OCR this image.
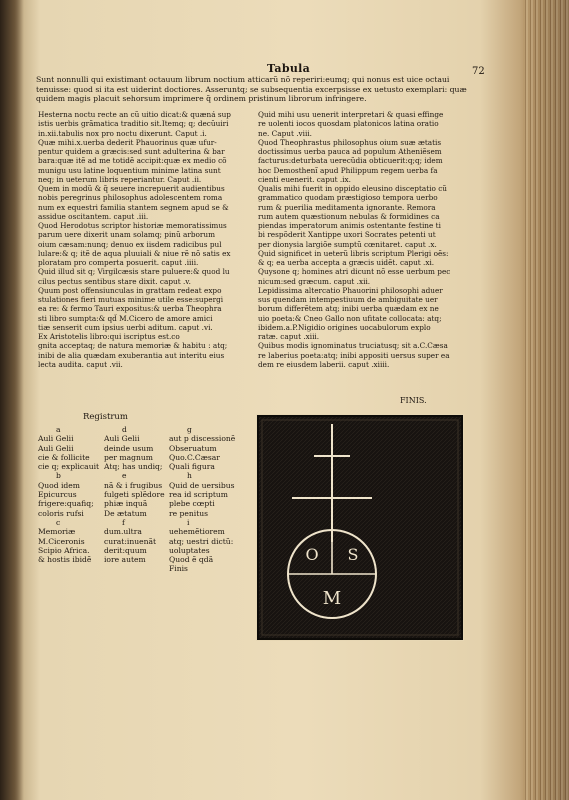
Tabula	72
Sunt nonnulli qui existimant octauum librum noctium atticarũ nõ reperiri:eumq; qui nonus est uice octaui tenuisse: quod si ita est uiderint doctiores. Asseruntq; se subsequentia excerpsisse ex uetusto exemplari: quæ quidem magis placuit sehorsum imprimere q̃ ordinem pristinum librorum infringere.
Hesterna noctu recte an cũ uitio dicat:& quæná sup
istis uerbis grãmatica traditio sit.Itemq; q; decŭuiri
in.xii.tabulis nox pro noctu dixerunt. Caput .i.
Quæ mihi.x.uerba dederit Phauorinus quæ ufur-
pentur quidem a græcis:sed sunt adulterina & bar
bara:quæ itẽ ad me totidẽ accipit:quæ ex medio cõ
munigu usu latine loquentium minime latina sunt
neq; in ueterum libris reperiantur. Caput .ii.
Quem in modũ & q̃ seuere increpuerit audientibus
nobis peregrinus philosophus adolescentem roma
num ex equestri familia stantem segnem apud se &
assidue oscitantem. caput .iii.
Quod Herodotus scriptor historiæ memoratissimus
parum uere dixerit unam solamq; pinũ arborum
oium cæsam:nunq; denuo ex iisdem radicibus pul
lulare:& q; itẽ de aqua pluuiali & niue rẽ nõ satis ex
ploratam pro comperta posuerit. caput .iiii.
Quid illud sit q; Virgilcæsis stare puluere:& quod lu
cilus pectus sentibus stare dixit. caput .v.
Quum post offensiunculas in grattam redeat expo
stulationes fieri mutuas minime utile esse:supergi
ea re: & fermo Tauri expositus:& uerba Theophra
sti libro sumpta:& qd̃ M.Cicero de amore amici
tiæ senserit cum ipsius uerbi aditum. caput .vi.
Ex Aristotelis libro:qui iscriptus est.co
gnita acceptaq; de natura memoriæ & habitu : atq;
inibi de alia quædam exuberantia aut interitu eius
lecta audita. caput .vii.
Quid mihi usu uenerit interpretari & quasi effinge
re uolenti iocos quosdam platonicos latina oratio
ne. Caput .viii.
Quod Theophrastus philosophus oium suæ ætatis
doctissimus uerba pauca ad populum Atheniẽsem
facturus:deturbata uerecũdia obticuerit:q;q; idem
hoc Demosthenĩ apud Philippum regem uerba fa
cienti euenerit. caput .ix.
Qualis mihi fuerit in oppido eleusino disceptatio cũ
grammatico quodam præstigioso tempora uerbo
rum & puerilia meditamenta ignorante. Remora
rum autem quæstionum nebulas & formidines ca
piendas imperatorum animis ostentante festine ti
bi respõderit Xantippe uxori Socrates petenti ut
per dionysia largiõe sumptũ cœnitaret. caput .x.
Quid significet in ueterũ libris scriptum Plerigi oẽs:
& q; ea uerba accepta a græcis uidẽt. caput .xi.
Quysone q; homines atri dicunt nõ esse uerbum pec
nicum:sed græcum. caput .xii.
Lepidissima altercatio Phauorini philosophi aduer
sus quendam intempestiuum de ambiguitate uer
borum differẽtem atq; inibi uerba quædam ex ne
uio poeta:& Cneo Gallo non ufitate collocata: atq;
ibidem.a.P.Nigidio origines uocabulorum explo
ratæ. caput .xiii.
Quibus modis ignominatus truciatusq; sit a.C.Cæsa
re laberius poeta:atq; inibi appositi uersus super ea
dem re eiusdem laberii. caput .xiiii.
FINIS.
Registrum
a
Auli Gelii
Auli Gelii
cie & follicite
cie q; explicauit
b
Quod idem
Epicurcus
frigere:quafiq;
coloris rufsi
c
Memoriæ
M.Ciceronis
Scipio Africa.
& hostis ibidẽ
d
Auli Gelii
deinde usum
per magnum
Atq; has undiq;
e
nã & i frugibus
fulgeti splẽdore
phiæ inquã
De ætatum
f
dum.ultra
curat:inuenãt
derit:quum
iore autem
g
aut p discessionẽ
Obseruatum
Quo.C.Cæsar
Quali figura
h
Quid de uersibus
rea id scriptum
plebe cœpti
re penitus
i
uehemẽtiorem
atq; uestri dictũ:
uoluptates
Quod ẽ qdã
Finis
O S
M
